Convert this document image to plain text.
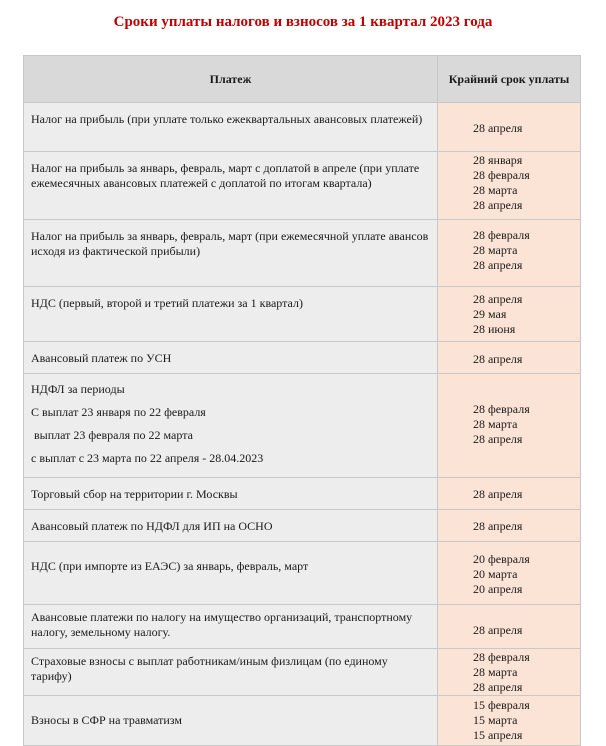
Сроки уплаты налогов и взносов за 1 квартал 2023 года
Платеж	Крайний срок уплаты
Налог на прибыль (при уплате только ежеквартальных авансовых платежей)	28 апреля

Налог на прибыль за январь, февраль, март с доплатой в апреле (при уплате ежемесячных авансовых платежей с доплатой по итогам квартала)	28 января
28 февраля
28 марта
28 апреля

Налог на прибыль за январь, февраль, март (при ежемесячной уплате авансов исходя из фактической прибыли)	28 февраля
28 марта
28 апреля

НДС (первый, второй и третий платежи за 1 квартал)	28 апреля
29 мая
28 июня

Авансовый платеж по УСН	28 апреля

НДФЛ за периоды
С выплат 23 января по 22 февраля
выплат 23 февраля по 22 марта
с выплат с 23 марта по 22 апреля - 28.04.2023	28 февраля
28 марта
28 апреля

Торговый сбор на территории г. Москвы	28 апреля

Авансовый платеж по НДФЛ для ИП на ОСНО	28 апреля

НДС (при импорте из ЕАЭС) за январь, февраль, март	20 февраля
20 марта
20 апреля

Авансовые платежи по налогу на имущество организаций, транспортному налогу, земельному налогу.	28 апреля

Страховые взносы с выплат работникам/иным физлицам (по единому тарифу)	28 февраля
28 марта
28 апреля

Взносы в СФР на травматизм	15 февраля
15 марта
15 апреля
